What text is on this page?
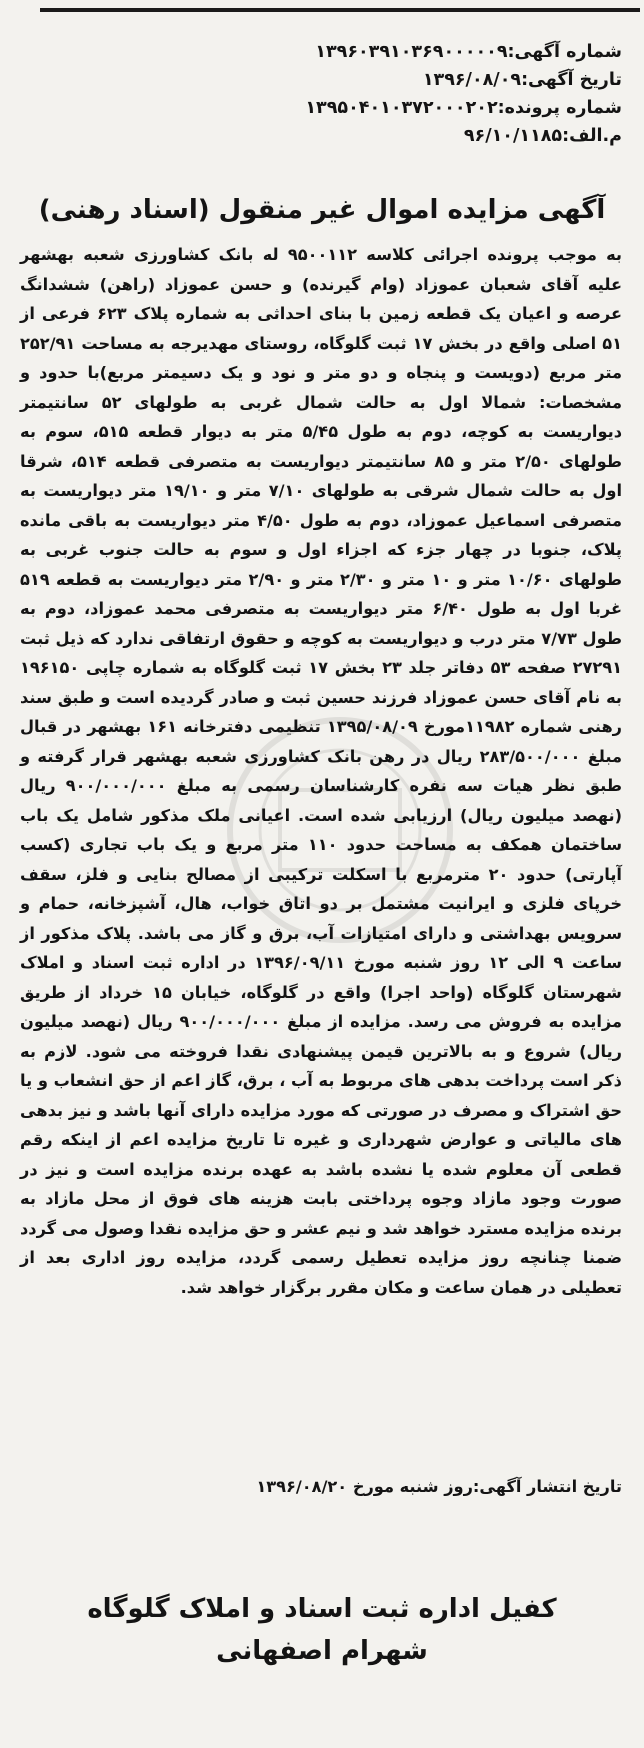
شماره آگهی:۱۳۹۶۰۳۹۱۰۳۶۹۰۰۰۰۰۹
تاریخ آگهی:۱۳۹۶/۰۸/۰۹
شماره پرونده:۱۳۹۵۰۴۰۱۰۳۷۲۰۰۰۲۰۲
م.الف:۹۶/۱۰/۱۱۸۵
آگهی مزایده اموال غیر منقول (اسناد رهنی)
به موجب پرونده اجرائی کلاسه ۹۵۰۰۱۱۲ له بانک کشاورزی شعبه بهشهر علیه آقای شعبان عموزاد (وام گیرنده) و حسن عموزاد (راهن) ششدانگ عرصه و اعیان یک قطعه زمین با بنای احداثی به شماره پلاک ۶۲۳ فرعی از ۵۱ اصلی واقع در بخش ۱۷ ثبت گلوگاه، روستای مهدیرجه به مساحت ۲۵۲/۹۱ متر مربع (دویست و پنجاه و دو متر و نود و یک دسیمتر مربع)با حدود و مشخصات: شمالا اول به حالت شمال غربی به طولهای ۵۲ سانتیمتر دیواریست به کوچه، دوم به طول ۵/۴۵ متر به دیوار قطعه ۵۱۵، سوم به طولهای ۲/۵۰ متر و ۸۵ سانتیمتر دیواریست به متصرفی قطعه ۵۱۴، شرقا اول به حالت شمال شرقی به طولهای ۷/۱۰ متر و ۱۹/۱۰ متر دیواریست به متصرفی اسماعیل عموزاد، دوم به طول ۴/۵۰ متر دیواریست به باقی مانده پلاک، جنوبا در چهار جزء که اجزاء اول و سوم به حالت جنوب غربی به طولهای ۱۰/۶۰ متر و ۱۰ متر و ۲/۳۰ متر و ۲/۹۰ متر دیواریست به قطعه ۵۱۹ غربا اول به طول ۶/۴۰ متر دیواریست به متصرفی محمد عموزاد، دوم به طول ۷/۷۳ متر درب و دیواریست به کوچه و حقوق ارتفاقی ندارد که ذیل ثبت ۲۷۲۹۱ صفحه ۵۳ دفاتر جلد ۲۳ بخش ۱۷ ثبت گلوگاه به شماره چاپی ۱۹۶۱۵۰ به نام آقای حسن عموزاد فرزند حسین ثبت و صادر گردیده است و طبق سند رهنی شماره ۱۱۹۸۲مورخ ۱۳۹۵/۰۸/۰۹ تنظیمی دفترخانه ۱۶۱ بهشهر در قبال مبلغ ۲۸۳/۵۰۰/۰۰۰ ریال در رهن بانک کشاورزی شعبه بهشهر قرار گرفته و طبق نظر هیات سه نفره کارشناسان رسمی به مبلغ ۹۰۰/۰۰۰/۰۰۰ ریال (نهصد میلیون ریال) ارزیابی شده است. اعیانی ملک مذکور شامل یک باب ساختمان همکف به مساحت حدود ۱۱۰ متر مربع و یک باب تجاری (کسب آپارتی) حدود ۲۰ مترمربع با اسکلت ترکیبی از مصالح بنایی و فلز، سقف خرپای فلزی و ایرانیت مشتمل بر دو اتاق خواب، هال، آشپزخانه، حمام و سرویس بهداشتی و دارای امتیازات آب، برق و گاز می باشد. پلاک مذکور از ساعت ۹ الی ۱۲ روز شنبه مورخ ۱۳۹۶/۰۹/۱۱ در اداره ثبت اسناد و املاک شهرستان گلوگاه (واحد اجرا) واقع در گلوگاه، خیابان ۱۵ خرداد از طریق مزایده به فروش می رسد. مزایده از مبلغ ۹۰۰/۰۰۰/۰۰۰ ریال (نهصد میلیون ریال) شروع و به بالاترین قیمن پیشنهادی نقدا فروخته می شود. لازم به ذکر است پرداخت بدهی های مربوط به آب ، برق، گاز اعم از حق انشعاب و یا حق اشتراک و مصرف در صورتی که مورد مزایده دارای آنها باشد و نیز بدهی های مالیاتی و عوارض شهرداری و غیره تا تاریخ مزایده اعم از اینکه رقم قطعی آن معلوم شده یا نشده باشد به عهده برنده مزایده است و نیز در صورت وجود مازاد وجوه پرداختی بابت هزینه های فوق از محل مازاد به برنده مزایده مسترد خواهد شد و نیم عشر و حق مزایده نقدا وصول می گردد ضمنا چنانچه روز مزایده تعطیل رسمی گردد، مزایده روز اداری بعد از تعطیلی در همان ساعت و مکان مقرر برگزار خواهد شد.
تاریخ انتشار آگهی:روز شنبه مورخ ۱۳۹۶/۰۸/۲۰
کفیل اداره ثبت اسناد و املاک گلوگاه
شهرام اصفهانی
